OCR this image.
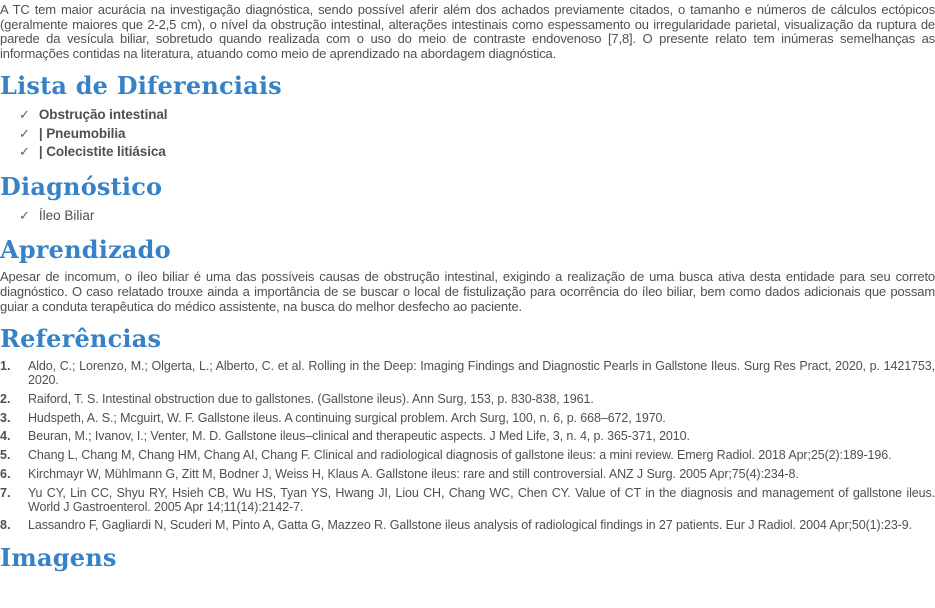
A TC tem maior acurácia na investigação diagnóstica, sendo possível aferir além dos achados previamente citados, o tamanho e números de cálculos ectópicos (geralmente maiores que 2-2,5 cm), o nível da obstrução intestinal, alterações intestinais como espessamento ou irregularidade parietal, visualização da ruptura de parede da vesícula biliar, sobretudo quando realizada com o uso do meio de contraste endovenoso [7,8]. O presente relato tem inúmeras semelhanças as informações contidas na literatura, atuando como meio de aprendizado na abordagem diagnóstica.

Lista de Diferenciais
✓ Obstrução intestinal
✓ | Pneumobilia
✓ | Colecistite litiásica
Diagnóstico
✓ Íleo Biliar
Aprendizado

Apesar de incomum, o íleo biliar é uma das possíveis causas de obstrução intestinal, exigindo a realização de uma busca ativa desta entidade para seu correto diagnóstico. O caso relatado trouxe ainda a importância de se buscar o local de fistulização para ocorrência do íleo biliar, bem como dados adicionais que possam guiar a conduta terapêutica do médico assistente, na busca do melhor desfecho ao paciente.

Referências
1.	Aldo, C.; Lorenzo, M.; Olgerta, L.; Alberto, C. et al. Rolling in the Deep: Imaging Findings and Diagnostic Pearls in Gallstone Ileus. Surg Res Pract, 2020, p. 1421753, 2020.
2.	Raiford, T. S. Intestinal obstruction due to gallstones. (Gallstone ileus). Ann Surg, 153, p. 830-838, 1961.
3.	Hudspeth, A. S.; Mcguirt, W. F. Gallstone ileus. A continuing surgical problem. Arch Surg, 100, n. 6, p. 668–672, 1970.
4.	Beuran, M.; Ivanov, I.; Venter, M. D. Gallstone ileus–clinical and therapeutic aspects. J Med Life, 3, n. 4, p. 365-371, 2010.
5.	Chang L, Chang M, Chang HM, Chang AI, Chang F. Clinical and radiological diagnosis of gallstone ileus: a mini review. Emerg Radiol. 2018 Apr;25(2):189-196.
6.	Kirchmayr W, Mühlmann G, Zitt M, Bodner J, Weiss H, Klaus A. Gallstone ileus: rare and still controversial. ANZ J Surg. 2005 Apr;75(4):234-8.
7.	Yu CY, Lin CC, Shyu RY, Hsieh CB, Wu HS, Tyan YS, Hwang JI, Liou CH, Chang WC, Chen CY. Value of CT in the diagnosis and management of gallstone ileus. World J Gastroenterol. 2005 Apr 14;11(14):2142-7.
8.	Lassandro F, Gagliardi N, Scuderi M, Pinto A, Gatta G, Mazzeo R. Gallstone ileus analysis of radiological findings in 27 patients. Eur J Radiol. 2004 Apr;50(1):23-9.
Imagens
